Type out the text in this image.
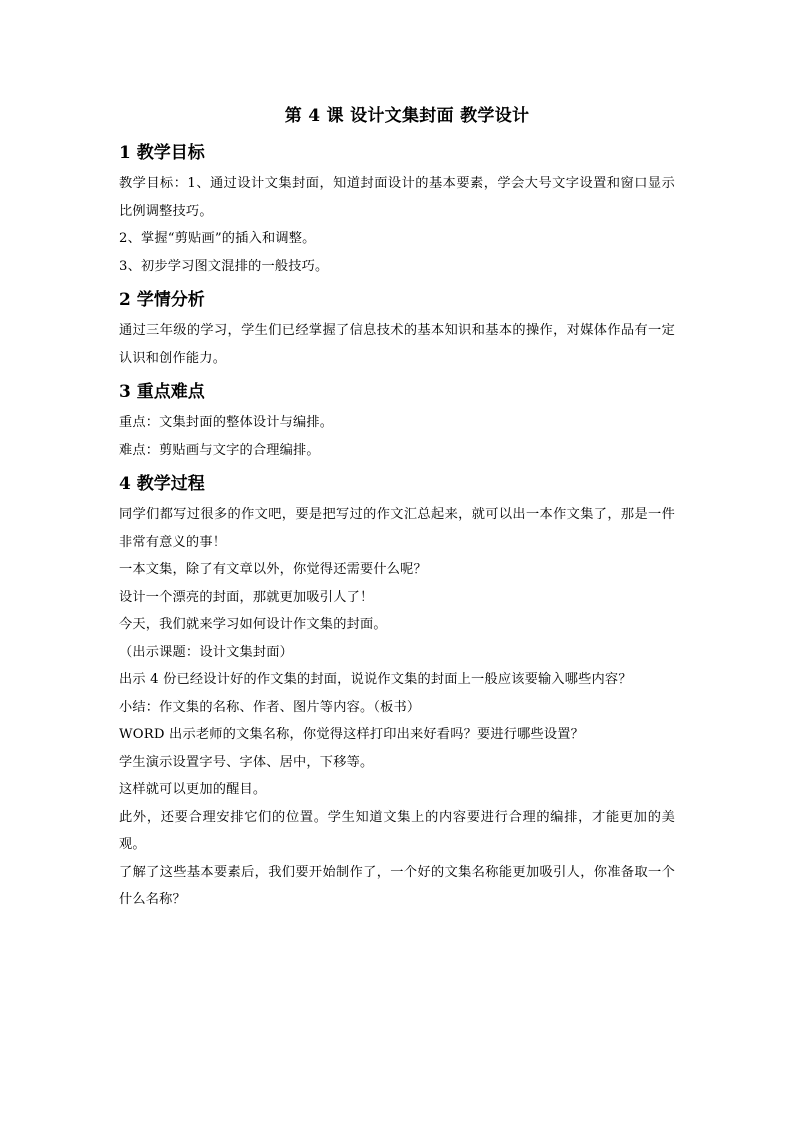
第 4 课 设计文集封面 教学设计
1 教学目标

教学目标：1、通过设计文集封面，知道封面设计的基本要素，学会大号文字设置和窗口显示比例调整技巧。

2、掌握“剪贴画”的插入和调整。

3、初步学习图文混排的一般技巧。

2 学情分析

通过三年级的学习，学生们已经掌握了信息技术的基本知识和基本的操作，对媒体作品有一定认识和创作能力。

3 重点难点

重点：文集封面的整体设计与编排。

难点：剪贴画与文字的合理编排。

4 教学过程

同学们都写过很多的作文吧，要是把写过的作文汇总起来，就可以出一本作文集了，那是一件非常有意义的事！

一本文集，除了有文章以外，你觉得还需要什么呢？

设计一个漂亮的封面，那就更加吸引人了！

今天，我们就来学习如何设计作文集的封面。

（出示课题：设计文集封面）

出示 4 份已经设计好的作文集的封面，说说作文集的封面上一般应该要输入哪些内容？

小结：作文集的名称、作者、图片等内容。（板书）

WORD 出示老师的文集名称，你觉得这样打印出来好看吗？要进行哪些设置？

学生演示设置字号、字体、居中，下移等。

这样就可以更加的醒目。

此外，还要合理安排它们的位置。学生知道文集上的内容要进行合理的编排，才能更加的美观。

了解了这些基本要素后，我们要开始制作了，一个好的文集名称能更加吸引人，你准备取一个什么名称？
